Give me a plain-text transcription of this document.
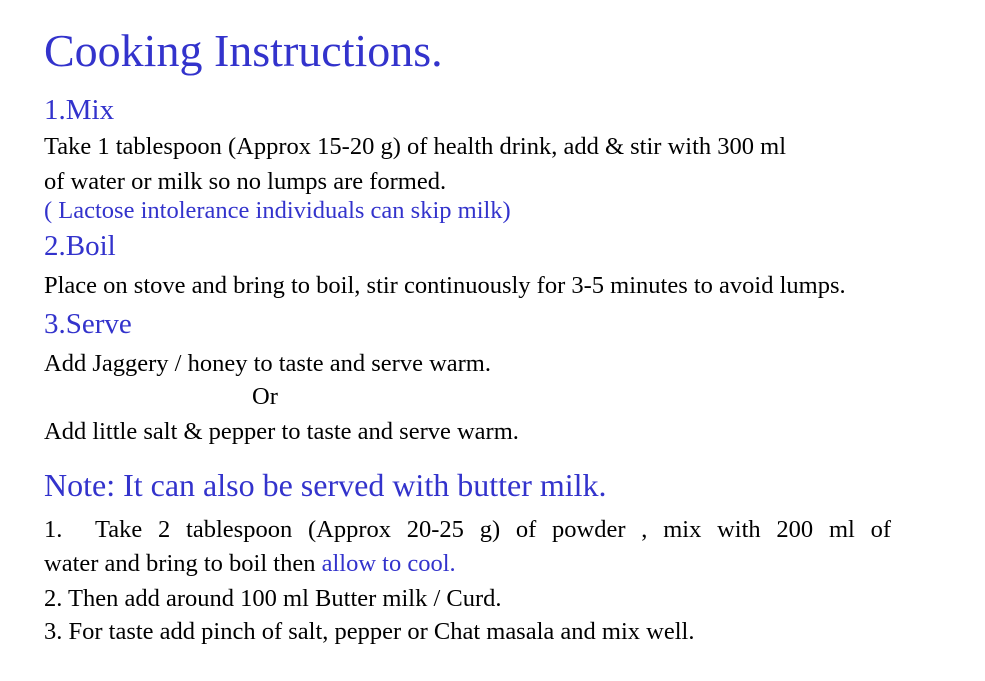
Cooking Instructions.
1.Mix
Take 1 tablespoon (Approx 15-20 g) of health drink, add & stir with 300 ml
of water or milk so no lumps are formed.
( Lactose intolerance individuals can skip milk)
2.Boil
Place on stove and bring to boil, stir continuously for 3-5 minutes to avoid lumps.
3.Serve
Add Jaggery / honey to taste and serve warm.
Or
Add little salt & pepper to taste and serve warm.
Note: It can also be served with butter milk.
1. Take 2 tablespoon (Approx 20-25 g) of powder , mix with 200 ml of
water and bring to boil then allow to cool.
2. Then add around 100 ml Butter milk / Curd.
3. For taste add pinch of salt, pepper or Chat masala and mix well.
